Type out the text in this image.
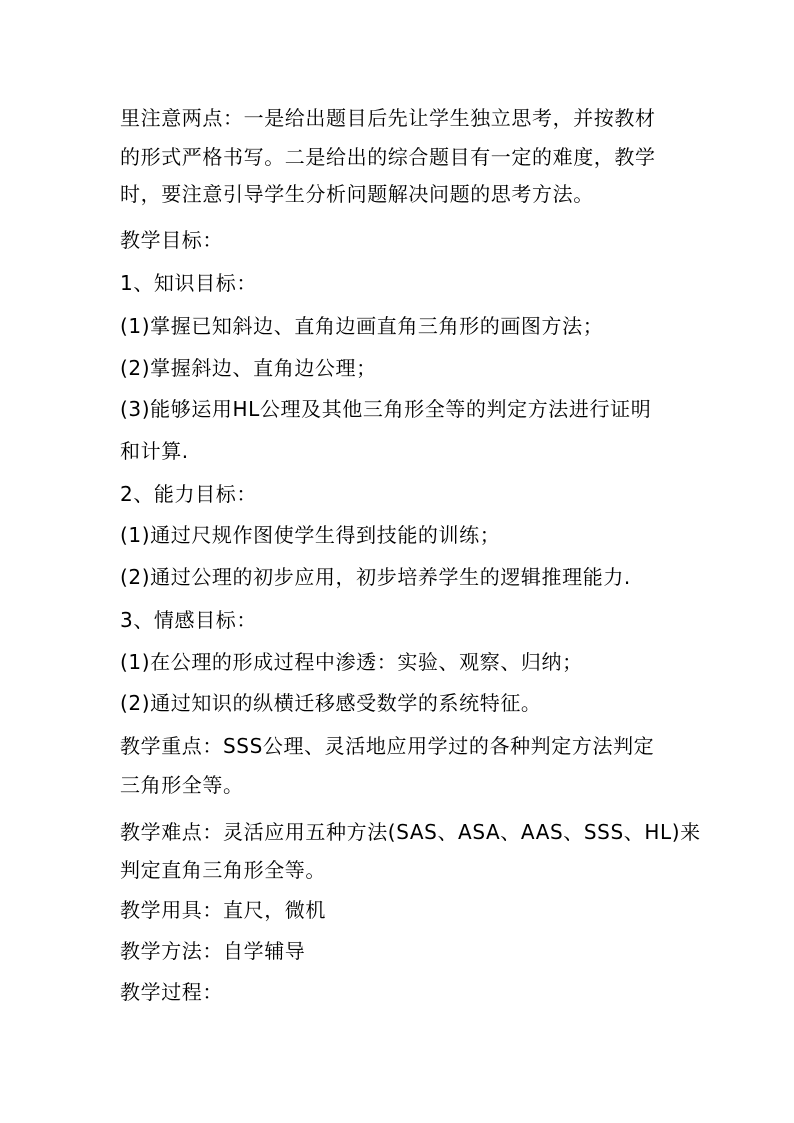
里注意两点：一是给出题目后先让学生独立思考，并按教材
的形式严格书写。二是给出的综合题目有一定的难度，教学
时，要注意引导学生分析问题解决问题的思考方法。
教学目标：
1、知识目标：
(1)掌握已知斜边、直角边画直角三角形的画图方法；
(2)掌握斜边、直角边公理；
(3)能够运用HL公理及其他三角形全等的判定方法进行证明
和计算.
2、能力目标：
(1)通过尺规作图使学生得到技能的训练；
(2)通过公理的初步应用，初步培养学生的逻辑推理能力.
3、情感目标：
(1)在公理的形成过程中渗透：实验、观察、归纳；
(2)通过知识的纵横迁移感受数学的系统特征。
教学重点：SSS公理、灵活地应用学过的各种判定方法判定
三角形全等。
教学难点：灵活应用五种方法(SAS、ASA、AAS、SSS、HL)来
判定直角三角形全等。
教学用具：直尺，微机
教学方法：自学辅导
教学过程：
